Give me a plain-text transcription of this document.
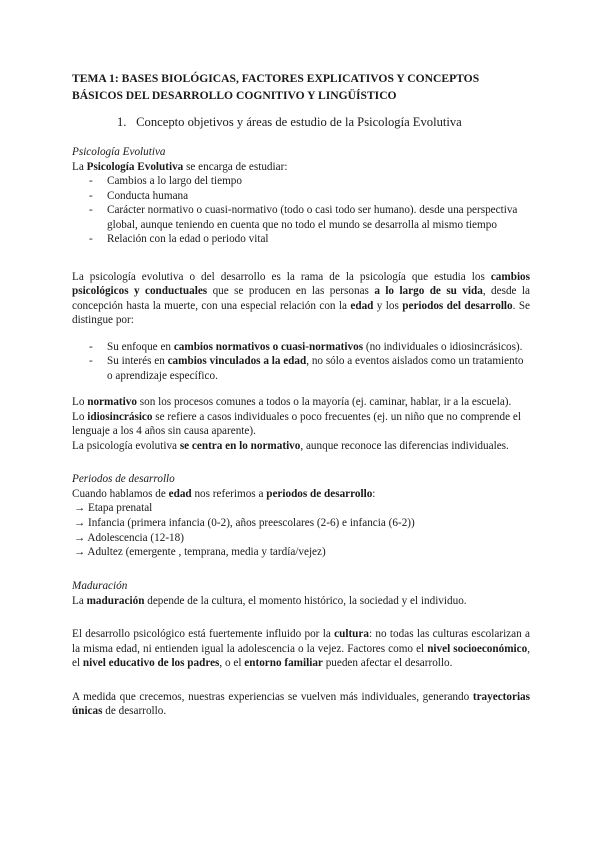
TEMA 1: BASES BIOLÓGICAS, FACTORES EXPLICATIVOS Y CONCEPTOS BÁSICOS DEL DESARROLLO COGNITIVO Y LINGÜÍSTICO
1. Concepto objetivos y áreas de estudio de la Psicología Evolutiva
Psicología Evolutiva
La Psicología Evolutiva se encarga de estudiar:
- Cambios a lo largo del tiempo
- Conducta humana
- Carácter normativo o cuasi-normativo (todo o casi todo ser humano). desde una perspectiva global, aunque teniendo en cuenta que no todo el mundo se desarrolla al mismo tiempo
- Relación con la edad o periodo vital
La psicología evolutiva o del desarrollo es la rama de la psicología que estudia los cambios psicológicos y conductuales que se producen en las personas a lo largo de su vida, desde la concepción hasta la muerte, con una especial relación con la edad y los periodos del desarrollo. Se distingue por:
- Su enfoque en cambios normativos o cuasi-normativos (no individuales o idiosincrásicos).
- Su interés en cambios vinculados a la edad, no sólo a eventos aislados como un tratamiento o aprendizaje específico.
Lo normativo son los procesos comunes a todos o la mayoría (ej. caminar, hablar, ir a la escuela).
Lo idiosincrásico se refiere a casos individuales o poco frecuentes (ej. un niño que no comprende el lenguaje a los 4 años sin causa aparente).
La psicología evolutiva se centra en lo normativo, aunque reconoce las diferencias individuales.
Periodos de desarrollo
Cuando hablamos de edad nos referimos a periodos de desarrollo:
→ Etapa prenatal
→ Infancia (primera infancia (0-2), años preescolares (2-6) e infancia (6-2))
→ Adolescencia (12-18)
→ Adultez (emergente , temprana, media y tardía/vejez)
Maduración
La maduración depende de la cultura, el momento histórico, la sociedad y el individuo.
El desarrollo psicológico está fuertemente influido por la cultura: no todas las culturas escolarizan a la misma edad, ni entienden igual la adolescencia o la vejez. Factores como el nivel socioeconómico, el nivel educativo de los padres, o el entorno familiar pueden afectar el desarrollo.
A medida que crecemos, nuestras experiencias se vuelven más individuales, generando trayectorias únicas de desarrollo.
